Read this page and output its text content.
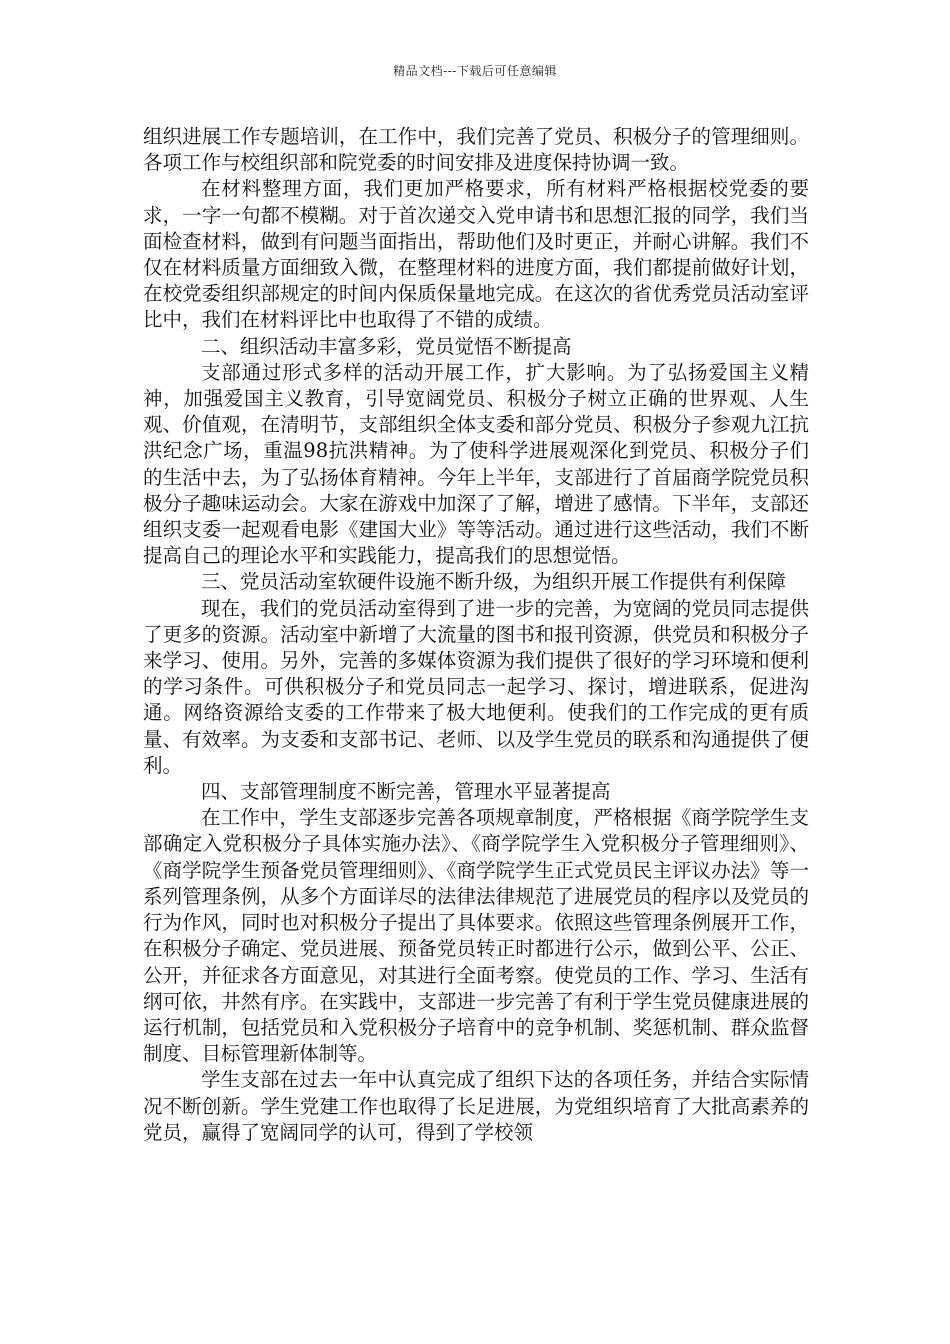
精品文档---下载后可任意编辑

组织进展工作专题培训，在工作中，我们完善了党员、积极分子的管理细则。各项工作与校组织部和院党委的时间安排及进度保持协调一致。

在材料整理方面，我们更加严格要求，所有材料严格根据校党委的要求，一字一句都不模糊。对于首次递交入党申请书和思想汇报的同学，我们当面检查材料，做到有问题当面指出，帮助他们及时更正，并耐心讲解。我们不仅在材料质量方面细致入微，在整理材料的进度方面，我们都提前做好计划，在校党委组织部规定的时间内保质保量地完成。在这次的省优秀党员活动室评比中，我们在材料评比中也取得了不错的成绩。

二、组织活动丰富多彩，党员觉悟不断提高

支部通过形式多样的活动开展工作，扩大影响。为了弘扬爱国主义精神，加强爱国主义教育，引导宽阔党员、积极分子树立正确的世界观、人生观、价值观，在清明节，支部组织全体支委和部分党员、积极分子参观九江抗洪纪念广场，重温98抗洪精神。为了使科学进展观深化到党员、积极分子们的生活中去，为了弘扬体育精神。今年上半年，支部进行了首届商学院党员积极分子趣味运动会。大家在游戏中加深了了解，增进了感情。下半年，支部还组织支委一起观看电影《建国大业》等等活动。通过进行这些活动，我们不断提高自己的理论水平和实践能力，提高我们的思想觉悟。

三、党员活动室软硬件设施不断升级，为组织开展工作提供有利保障

现在，我们的党员活动室得到了进一步的完善，为宽阔的党员同志提供了更多的资源。活动室中新增了大流量的图书和报刊资源，供党员和积极分子来学习、使用。另外，完善的多媒体资源为我们提供了很好的学习环境和便利的学习条件。可供积极分子和党员同志一起学习、探讨，增进联系，促进沟通。网络资源给支委的工作带来了极大地便利。使我们的工作完成的更有质量、有效率。为支委和支部书记、老师、以及学生党员的联系和沟通提供了便利。

四、支部管理制度不断完善，管理水平显著提高

在工作中，学生支部逐步完善各项规章制度，严格根据《商学院学生支部确定入党积极分子具体实施办法》、《商学院学生入党积极分子管理细则》、《商学院学生预备党员管理细则》、《商学院学生正式党员民主评议办法》等一系列管理条例，从多个方面详尽的法律法律规范了进展党员的程序以及党员的行为作风，同时也对积极分子提出了具体要求。依照这些管理条例展开工作，在积极分子确定、党员进展、预备党员转正时都进行公示，做到公平、公正、公开，并征求各方面意见，对其进行全面考察。使党员的工作、学习、生活有纲可依，井然有序。在实践中，支部进一步完善了有利于学生党员健康进展的运行机制，包括党员和入党积极分子培育中的竞争机制、奖惩机制、群众监督制度、目标管理新体制等。

学生支部在过去一年中认真完成了组织下达的各项任务，并结合实际情况不断创新。学生党建工作也取得了长足进展，为党组织培育了大批高素养的党员，赢得了宽阔同学的认可，得到了学校领
